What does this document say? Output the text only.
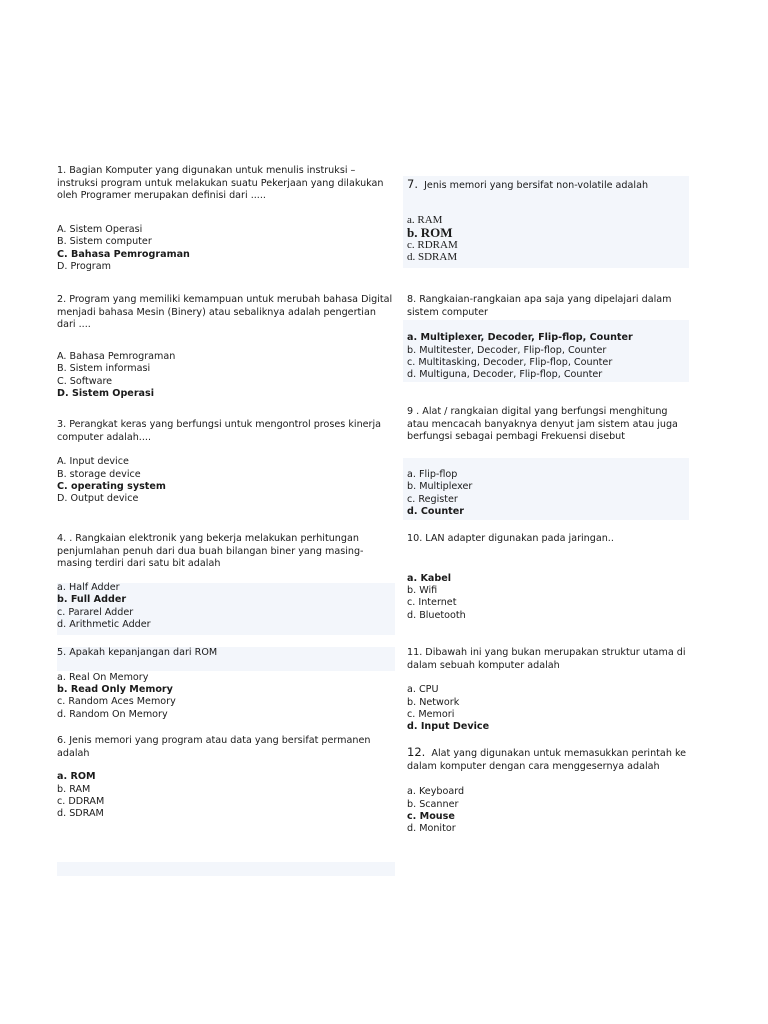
1. Bagian Komputer yang digunakan untuk menulis instruksi – instruksi program untuk melakukan suatu Pekerjaan yang dilakukan oleh Programer merupakan definisi dari .....

A. Sistem Operasi
B. Sistem computer
C. Bahasa Pemrograman
D. Program

2. Program yang memiliki kemampuan untuk merubah bahasa Digital menjadi bahasa Mesin (Binery) atau sebaliknya adalah pengertian dari ....

A. Bahasa Pemrograman
B. Sistem informasi
C. Software
D. Sistem Operasi

3. Perangkat keras yang berfungsi untuk mengontrol proses kinerja computer adalah....

A. Input device
B. storage device
C. operating system
D. Output device

4. . Rangkaian elektronik yang bekerja melakukan perhitungan penjumlahan penuh dari dua buah bilangan biner yang masing-masing terdiri dari satu bit adalah

a. Half Adder
b. Full Adder
c. Pararel Adder
d. Arithmetic Adder

5. Apakah kepanjangan dari ROM

a. Real On Memory
b. Read Only Memory
c. Random Aces Memory
d. Random On Memory

6. Jenis memori yang program atau data yang bersifat permanen adalah

a. ROM
b. RAM
c. DDRAM
d. SDRAM

7. Jenis memori yang bersifat non-volatile adalah

a. RAM
b. ROM
c. RDRAM
d. SDRAM

8. Rangkaian-rangkaian apa saja yang dipelajari dalam sistem computer

a. Multiplexer, Decoder, Flip-flop, Counter
b. Multitester, Decoder, Flip-flop, Counter
c. Multitasking, Decoder, Flip-flop, Counter
d. Multiguna, Decoder, Flip-flop, Counter

9 . Alat / rangkaian digital yang berfungsi menghitung atau mencacah banyaknya denyut jam sistem atau juga berfungsi sebagai pembagi Frekuensi disebut

a. Flip-flop
b. Multiplexer
c. Register
d. Counter

10. LAN adapter digunakan pada jaringan..

a. Kabel
b. Wifi
c. Internet
d. Bluetooth

11. Dibawah ini yang bukan merupakan struktur utama di dalam sebuah komputer adalah

a. CPU
b. Network
c. Memori
d. Input Device

12. Alat yang digunakan untuk memasukkan perintah ke dalam komputer dengan cara menggesernya adalah

a. Keyboard
b. Scanner
c. Mouse
d. Monitor
